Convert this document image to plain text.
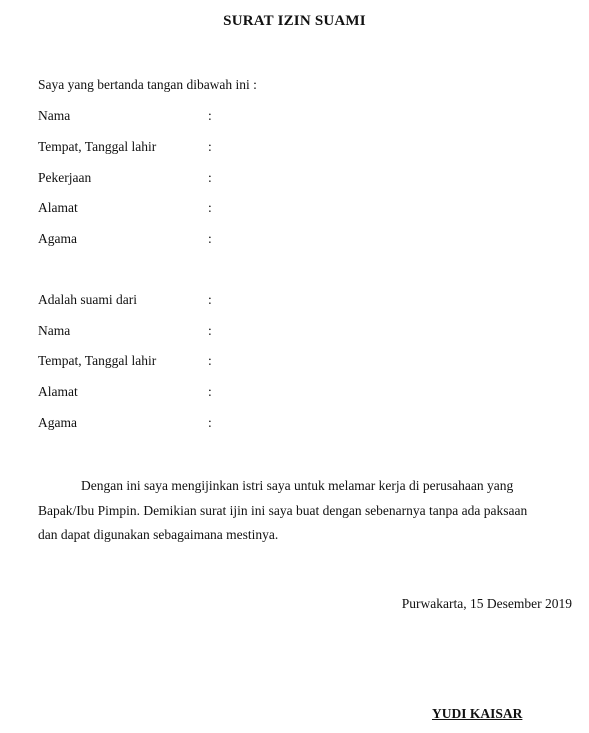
SURAT IZIN SUAMI
Saya yang bertanda tangan dibawah ini :
Nama	:
Tempat, Tanggal lahir	:
Pekerjaan	:
Alamat	:
Agama	:
Adalah suami dari	:
Nama	:
Tempat, Tanggal lahir	:
Alamat	:
Agama	:

Dengan ini saya mengijinkan istri saya untuk melamar kerja di perusahaan yang

Bapak/Ibu Pimpin. Demikian surat ijin ini saya buat dengan sebenarnya tanpa ada paksaan

dan dapat digunakan sebagaimana mestinya.

Purwakarta, 15 Desember 2019
YUDI KAISAR
